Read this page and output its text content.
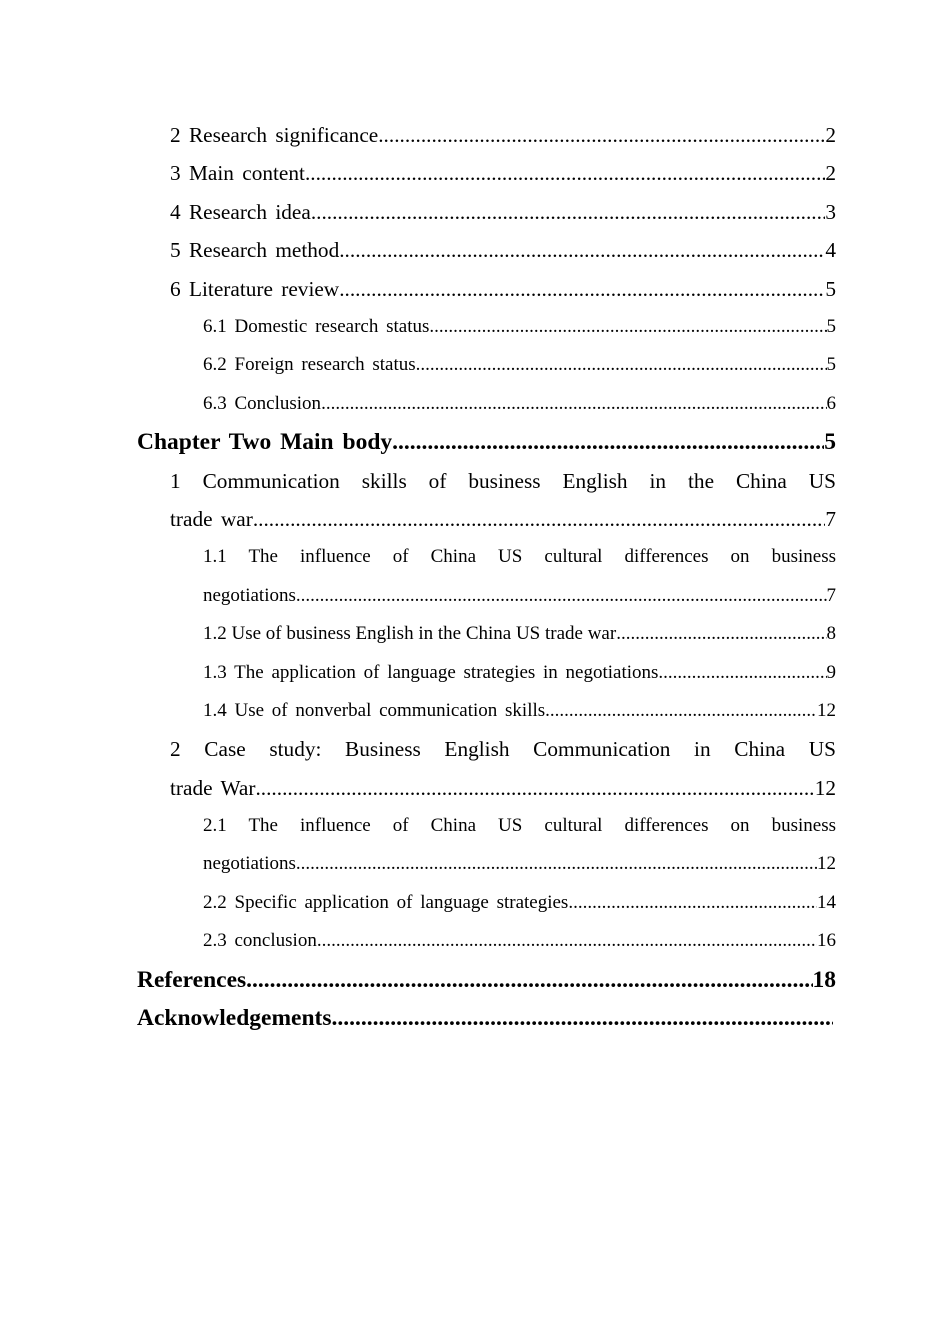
2 Research significance .....	2
3 Main content .....	2
4 Research idea .....	3
5 Research method .....	4
6 Literature review .....	5
6.1 Domestic research status .....	5
6.2 Foreign research status .....	5
6.3 Conclusion .....	6
Chapter Two Main body .....	5
1 Communication skills of business English in the China US
trade war .....	7
1.1 The influence of China US cultural differences on business
negotiations .....	7
1.2 Use of business English in the China US trade war .....	8
1.3 The application of language strategies in negotiations .....	9
1.4 Use of nonverbal communication skills .....	12
2 Case study: Business English Communication in China US
trade War .....	12
2.1 The influence of China US cultural differences on business
negotiations .....	12
2.2 Specific application of language strategies .....	14
2.3 conclusion .....	16
References .....	18
Acknowledgements
.....
